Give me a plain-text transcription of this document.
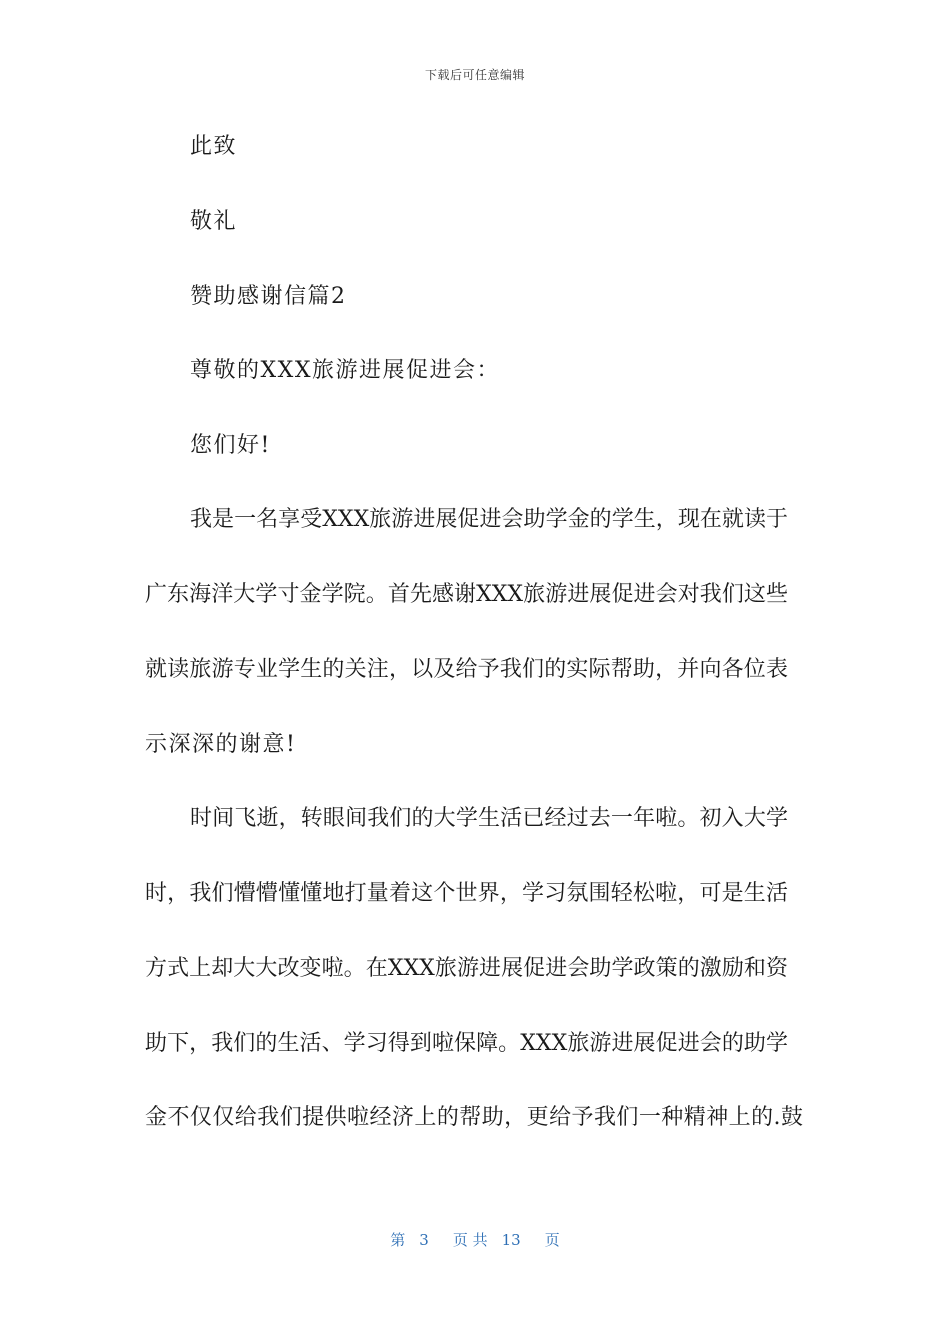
下载后可任意编辑
此致
敬礼
赞助感谢信篇2
尊敬的XXX旅游进展促进会：
您们好!
我是一名享受XXX旅游进展促进会助学金的学生，现在就读于
广东海洋大学寸金学院。首先感谢XXX旅游进展促进会对我们这些
就读旅游专业学生的关注，以及给予我们的实际帮助，并向各位表
示深深的谢意!
时间飞逝，转眼间我们的大学生活已经过去一年啦。初入大学
时，我们懵懵懂懂地打量着这个世界，学习氛围轻松啦，可是生活
方式上却大大改变啦。在XXX旅游进展促进会助学政策的激励和资
助下，我们的生活、学习得到啦保障。XXX旅游进展促进会的助学
金不仅仅给我们提供啦经济上的帮助，更给予我们一种精神上的.鼓
第 3 页 共 13 页
